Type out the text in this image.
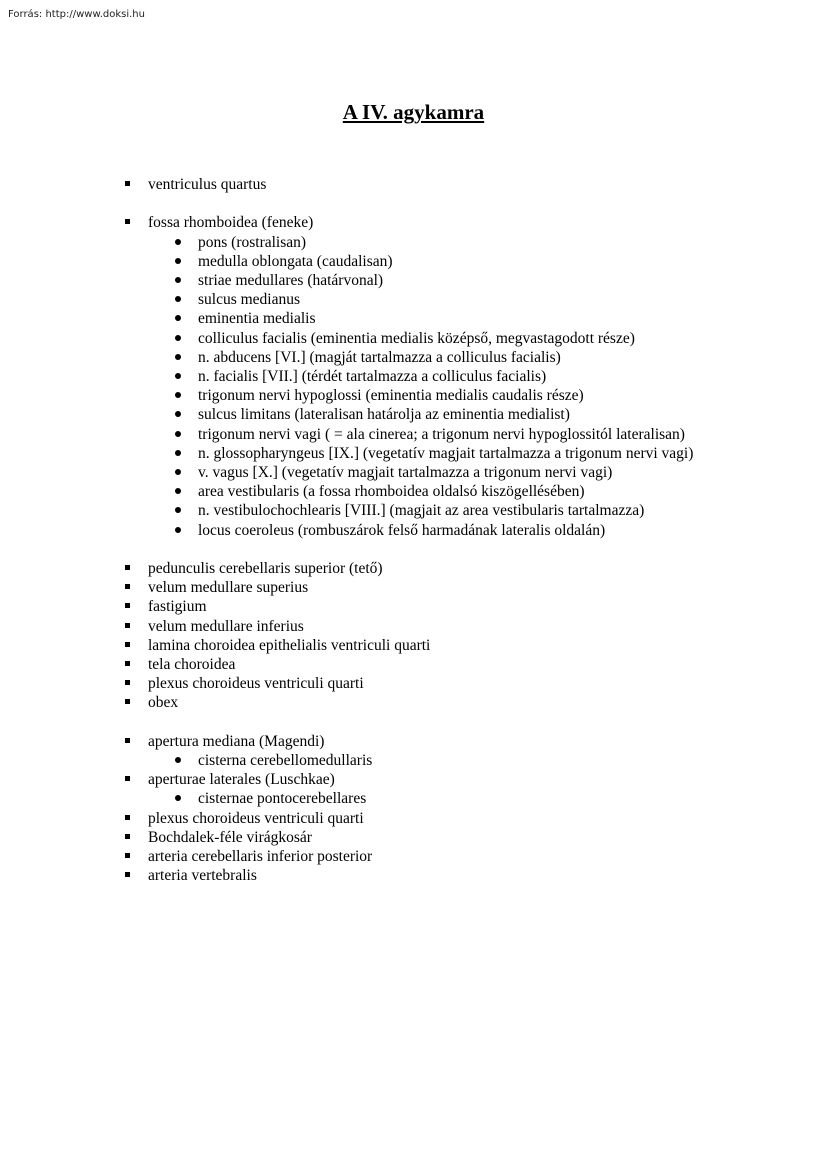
Forrás: http://www.doksi.hu
A IV. agykamra
ventriculus quartus
fossa rhomboidea (feneke)
pons (rostralisan)
medulla oblongata (caudalisan)
striae medullares (határvonal)
sulcus medianus
eminentia medialis
colliculus facialis (eminentia medialis középső, megvastagodott része)
n. abducens [VI.] (magját tartalmazza a colliculus facialis)
n. facialis [VII.] (térdét tartalmazza a colliculus facialis)
trigonum nervi hypoglossi (eminentia medialis caudalis része)
sulcus limitans (lateralisan határolja az eminentia medialist)
trigonum nervi vagi ( = ala cinerea; a trigonum nervi hypoglossitól lateralisan)
n. glossopharyngeus [IX.] (vegetatív magjait tartalmazza a trigonum nervi vagi)
v. vagus [X.] (vegetatív magjait tartalmazza a trigonum nervi vagi)
area vestibularis (a fossa rhomboidea oldalsó kiszögellésében)
n. vestibulochochlearis [VIII.] (magjait az area vestibularis tartalmazza)
locus coeroleus (rombuszárok felső harmadának lateralis oldalán)
pedunculis cerebellaris superior (tető)
velum medullare superius
fastigium
velum medullare inferius
lamina choroidea epithelialis ventriculi quarti
tela choroidea
plexus choroideus ventriculi quarti
obex
apertura mediana (Magendi)
cisterna cerebellomedullaris
aperturae laterales (Luschkae)
cisternae pontocerebellares
plexus choroideus ventriculi quarti
Bochdalek-féle virágkosár
arteria cerebellaris inferior posterior
arteria vertebralis
